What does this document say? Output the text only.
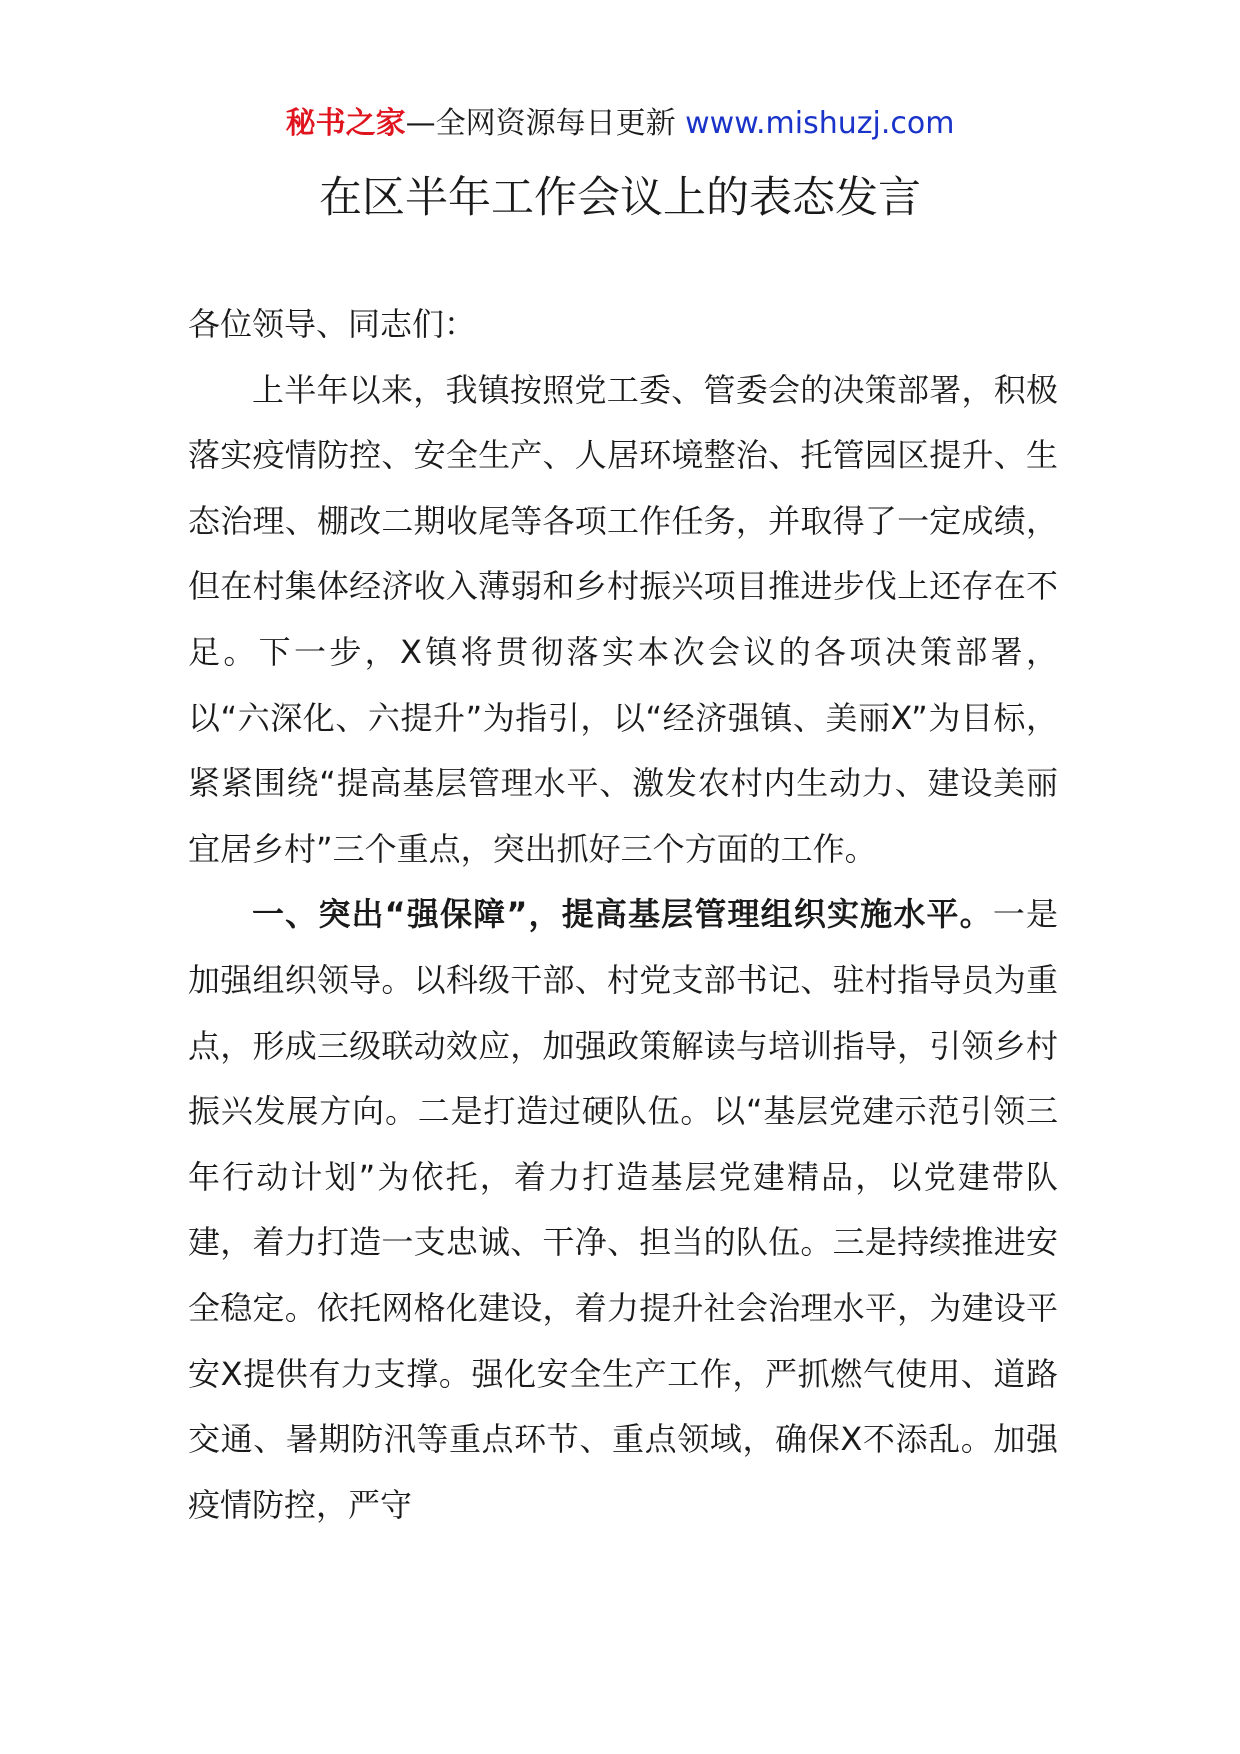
秘书之家—全网资源每日更新 www.mishuzj.com
在区半年工作会议上的表态发言

各位领导、同志们：

上半年以来，我镇按照党工委、管委会的决策部署，积极落实疫情防控、安全生产、人居环境整治、托管园区提升、生态治理、棚改二期收尾等各项工作任务，并取得了一定成绩，但在村集体经济收入薄弱和乡村振兴项目推进步伐上还存在不足。下一步，X镇将贯彻落实本次会议的各项决策部署，以“六深化、六提升”为指引，以“经济强镇、美丽X”为目标，紧紧围绕“提高基层管理水平、激发农村内生动力、建设美丽宜居乡村”三个重点，突出抓好三个方面的工作。

一、突出“强保障”，提高基层管理组织实施水平。一是加强组织领导。以科级干部、村党支部书记、驻村指导员为重点，形成三级联动效应，加强政策解读与培训指导，引领乡村振兴发展方向。二是打造过硬队伍。以“基层党建示范引领三年行动计划”为依托，着力打造基层党建精品，以党建带队建，着力打造一支忠诚、干净、担当的队伍。三是持续推进安全稳定。依托网格化建设，着力提升社会治理水平，为建设平安X提供有力支撑。强化安全生产工作，严抓燃气使用、道路交通、暑期防汛等重点环节、重点领域，确保X不添乱。加强疫情防控，严守
